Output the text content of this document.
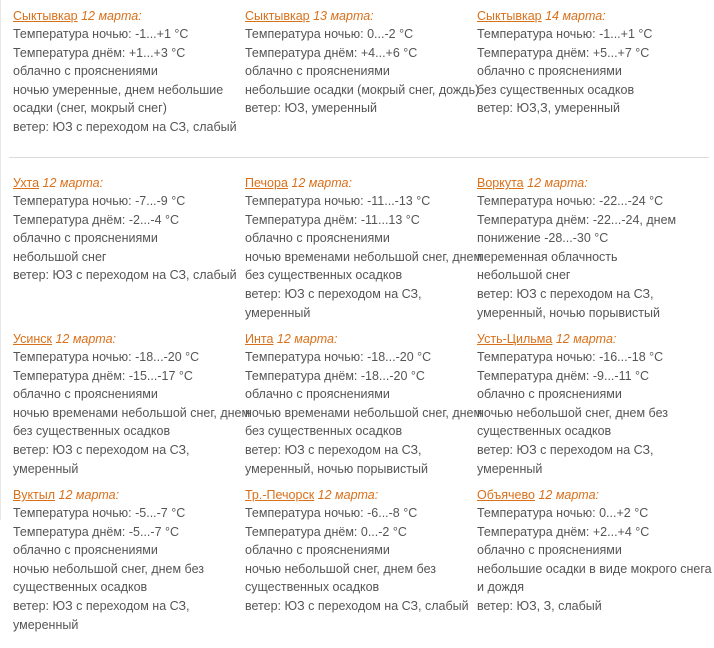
Сыктывкар 12 марта:
Температура ночью: -1...+1 °C
Температура днём: +1...+3 °C
облачно с прояснениями
ночью умеренные, днем небольшие
осадки (снег, мокрый снег)
ветер: ЮЗ с переходом на СЗ, слабый
Сыктывкар 13 марта:
Температура ночью: 0...-2 °C
Температура днём: +4...+6 °C
облачно с прояснениями
небольшие осадки (мокрый снег, дождь)
ветер: ЮЗ, умеренный
Сыктывкар 14 марта:
Температура ночью: -1...+1 °C
Температура днём: +5...+7 °C
облачно с прояснениями
без существенных осадков
ветер: ЮЗ,З, умеренный
Ухта 12 марта:
Температура ночью: -7...-9 °C
Температура днём: -2...-4 °C
облачно с прояснениями
небольшой снег
ветер: ЮЗ с переходом на СЗ, слабый
Печора 12 марта:
Температура ночью: -11...-13 °C
Температура днём: -11...13 °C
облачно с прояснениями
ночью временами небольшой снег, днем
без существенных осадков
ветер: ЮЗ с переходом на СЗ,
умеренный
Воркута 12 марта:
Температура ночью: -22...-24 °C
Температура днём: -22...-24, днем
понижение -28...-30 °C
переменная облачность
небольшой снег
ветер: ЮЗ с переходом на СЗ,
умеренный, ночью порывистый
Усинск 12 марта:
Температура ночью: -18...-20 °C
Температура днём: -15...-17 °C
облачно с прояснениями
ночью временами небольшой снег, днем
без существенных осадков
ветер: ЮЗ с переходом на СЗ,
умеренный
Инта 12 марта:
Температура ночью: -18...-20 °C
Температура днём: -18...-20 °C
облачно с прояснениями
ночью временами небольшой снег, днем
без существенных осадков
ветер: ЮЗ с переходом на СЗ,
умеренный, ночью порывистый
Усть-Цильма 12 марта:
Температура ночью: -16...-18 °C
Температура днём: -9...-11 °C
облачно с прояснениями
ночью небольшой снег, днем без
существенных осадков
ветер: ЮЗ с переходом на СЗ,
умеренный
Вуктыл 12 марта:
Температура ночью: -5...-7 °C
Температура днём: -5...-7 °C
облачно с прояснениями
ночью небольшой снег, днем без
существенных осадков
ветер: ЮЗ с переходом на СЗ,
умеренный
Тр.-Печорск 12 марта:
Температура ночью: -6...-8 °C
Температура днём: 0...-2 °C
облачно с прояснениями
ночью небольшой снег, днем без
существенных осадков
ветер: ЮЗ с переходом на СЗ, слабый
Объячево 12 марта:
Температура ночью: 0...+2 °C
Температура днём: +2...+4 °C
облачно с прояснениями
небольшие осадки в виде мокрого снега
и дождя
ветер: ЮЗ, З, слабый
